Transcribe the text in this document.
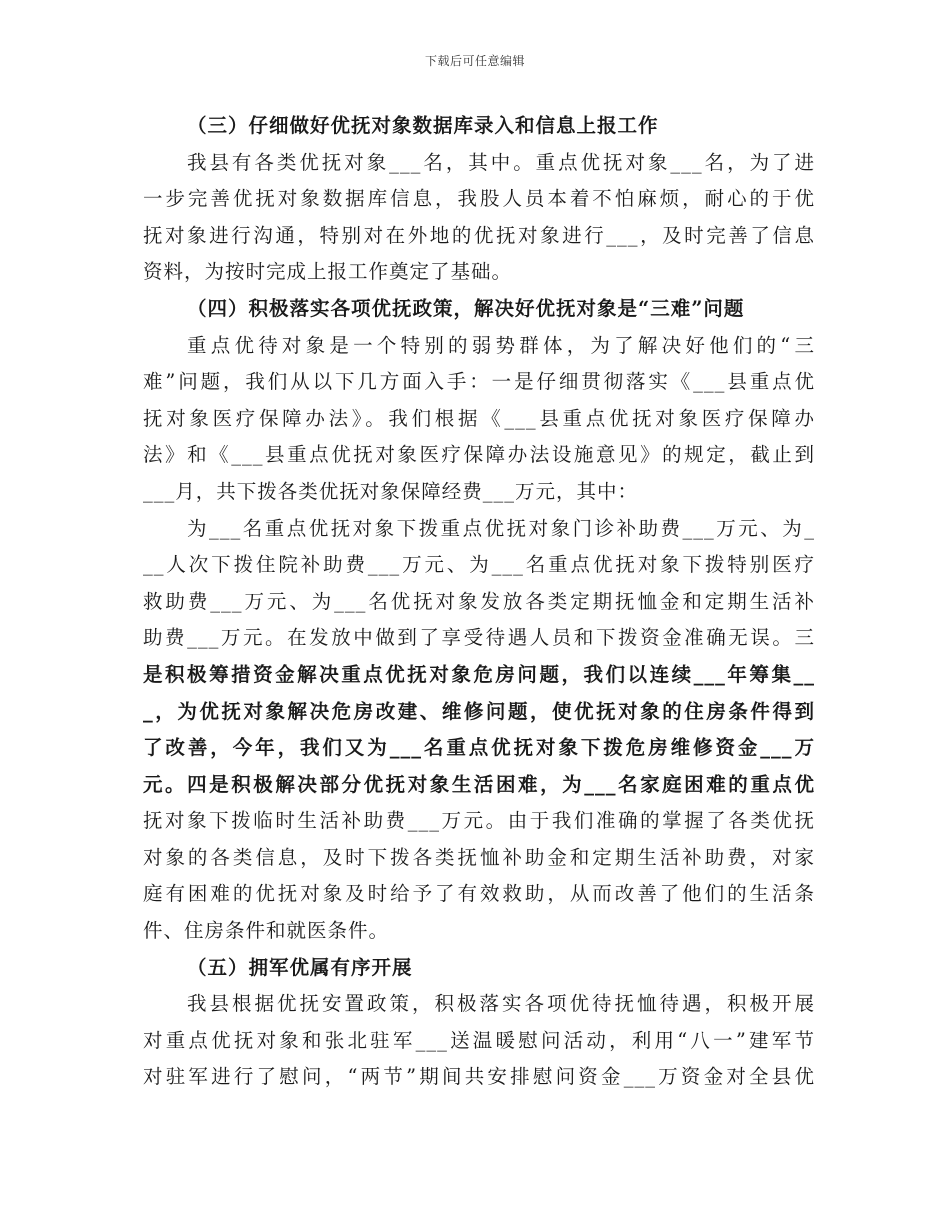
下载后可任意编辑
（三）仔细做好优抚对象数据库录入和信息上报工作
我县有各类优抚对象___名，其中。重点优抚对象___名，为了进
一步完善优抚对象数据库信息，我股人员本着不怕麻烦，耐心的于优
抚对象进行沟通，特别对在外地的优抚对象进行___，及时完善了信息
资料，为按时完成上报工作奠定了基础。
（四）积极落实各项优抚政策，解决好优抚对象是“三难”问题
重点优待对象是一个特别的弱势群体，为了解决好他们的“三
难”问题，我们从以下几方面入手：一是仔细贯彻落实《___县重点优
抚对象医疗保障办法》。我们根据《___县重点优抚对象医疗保障办
法》和《___县重点优抚对象医疗保障办法设施意见》的规定，截止到
___月，共下拨各类优抚对象保障经费___万元，其中：
为___名重点优抚对象下拨重点优抚对象门诊补助费___万元、为_
__人次下拨住院补助费___万元、为___名重点优抚对象下拨特别医疗
救助费___万元、为___名优抚对象发放各类定期抚恤金和定期生活补
助费___万元。在发放中做到了享受待遇人员和下拨资金准确无误。三
是积极筹措资金解决重点优抚对象危房问题，我们以连续___年筹集__
_，为优抚对象解决危房改建、维修问题，使优抚对象的住房条件得到
了改善，今年，我们又为___名重点优抚对象下拨危房维修资金___万
元。四是积极解决部分优抚对象生活困难，为___名家庭困难的重点优
抚对象下拨临时生活补助费___万元。由于我们准确的掌握了各类优抚
对象的各类信息，及时下拨各类抚恤补助金和定期生活补助费，对家
庭有困难的优抚对象及时给予了有效救助，从而改善了他们的生活条
件、住房条件和就医条件。
（五）拥军优属有序开展
我县根据优抚安置政策，积极落实各项优待抚恤待遇，积极开展
对重点优抚对象和张北驻军___送温暖慰问活动，利用“八一”建军节
对驻军进行了慰问，“两节”期间共安排慰问资金___万资金对全县优
